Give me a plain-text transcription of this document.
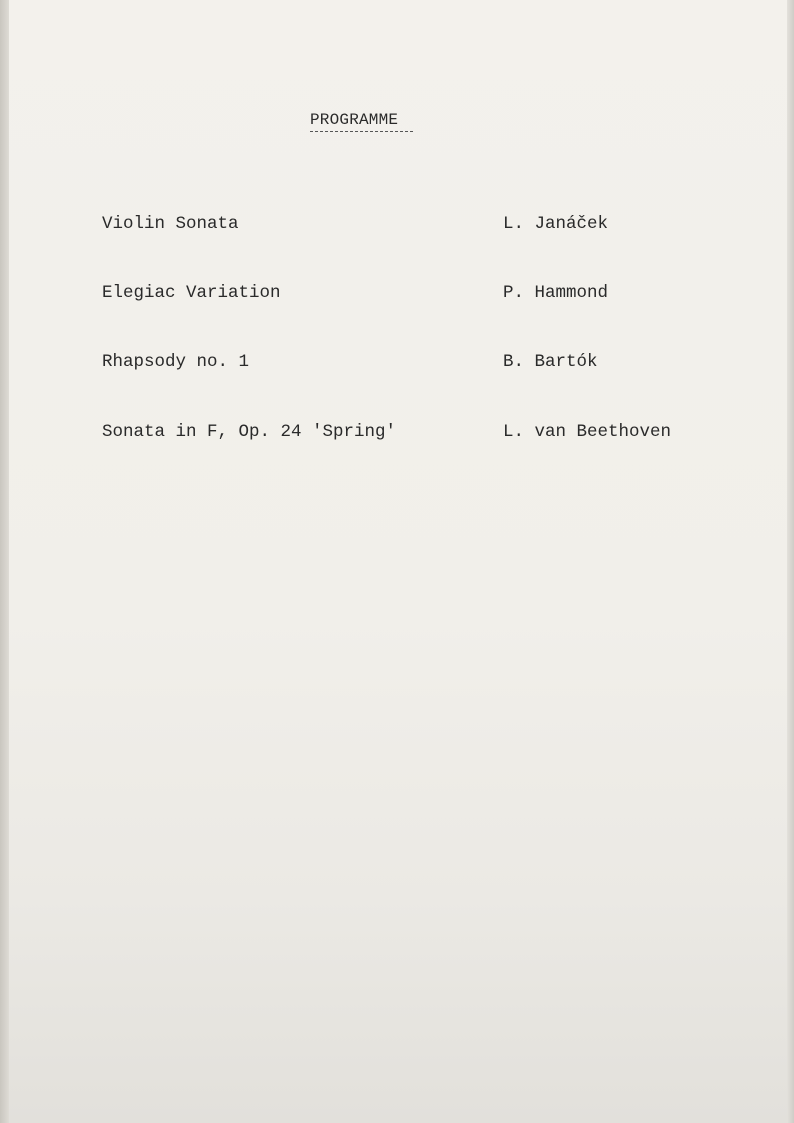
PROGRAMME
Violin Sonata	L. Janáček
Elegiac Variation	P. Hammond
Rhapsody no. 1	B. Bartók
Sonata in F, Op. 24 'Spring'	L. van Beethoven
